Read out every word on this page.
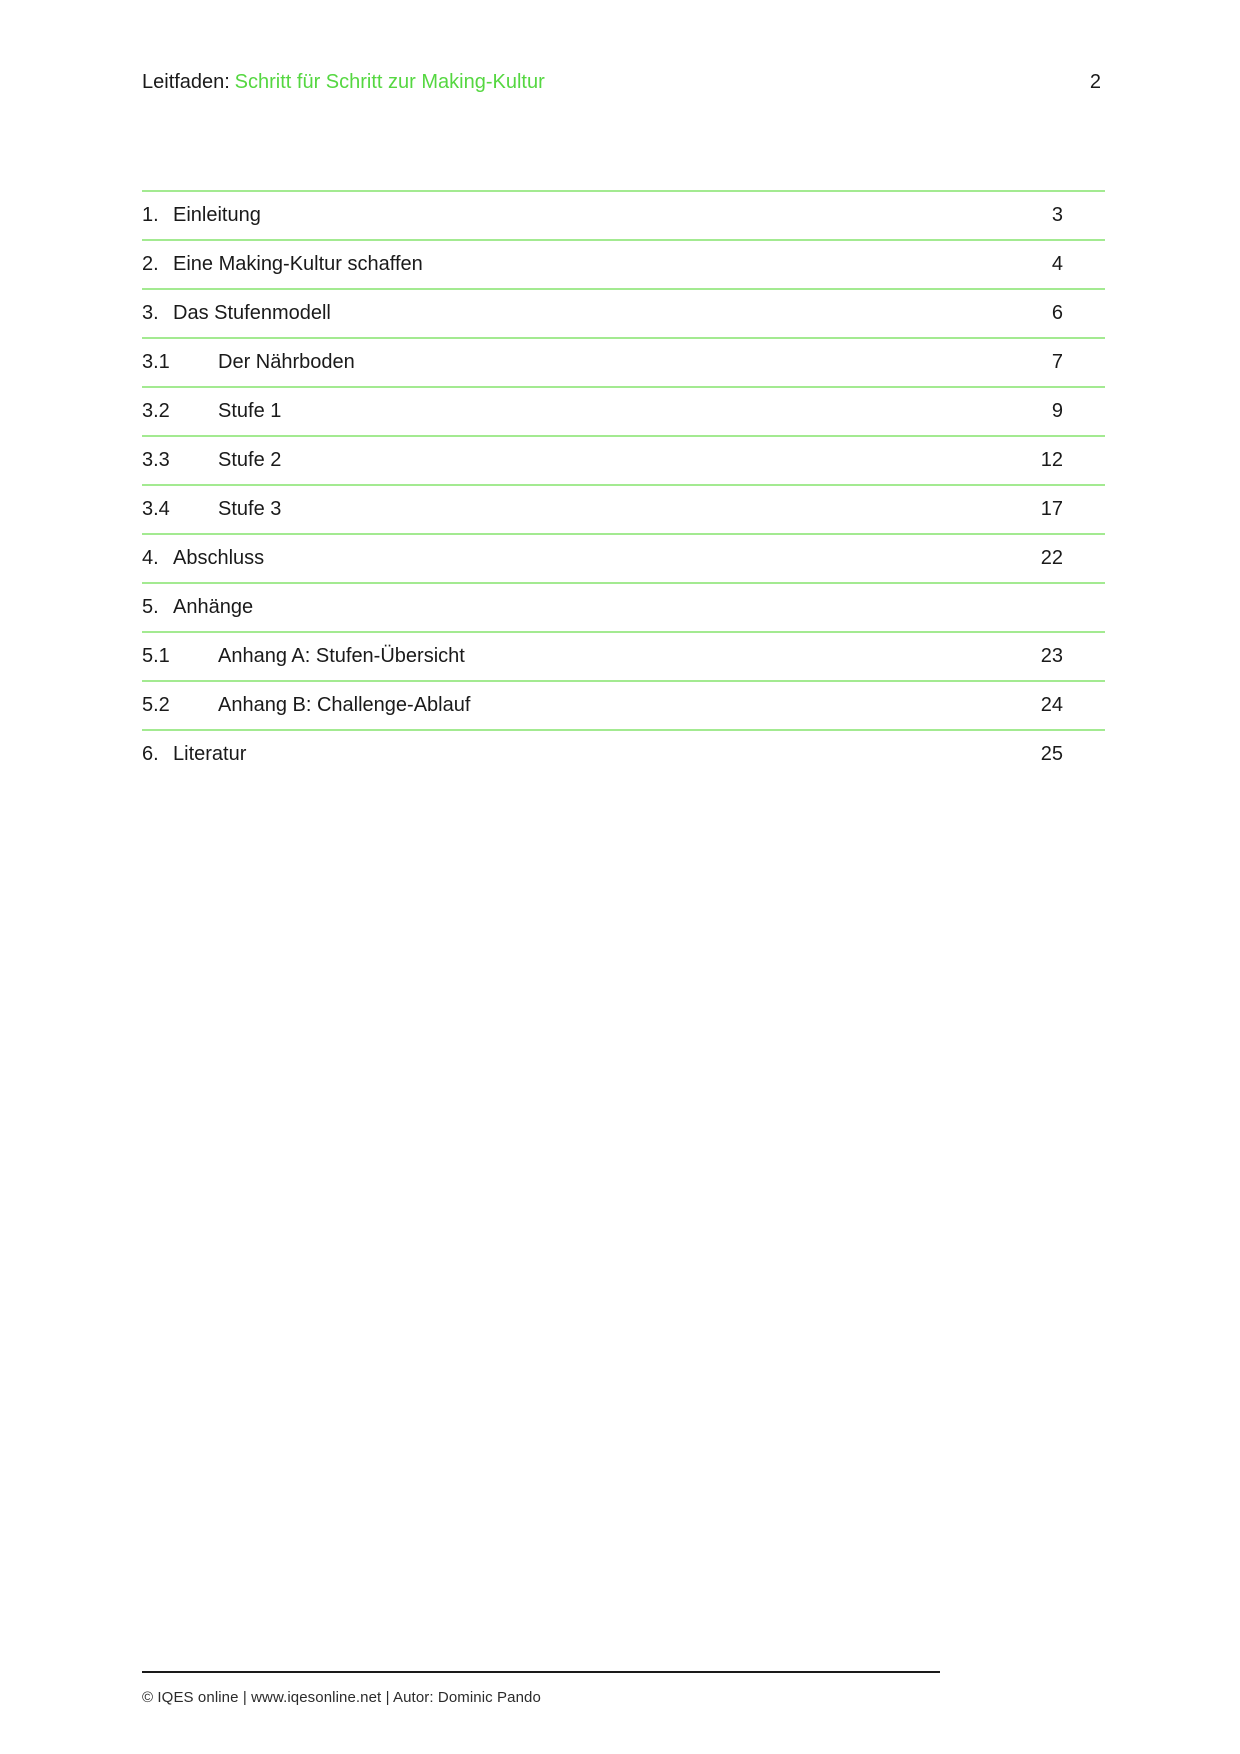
Leitfaden: Schritt für Schritt zur Making-Kultur	2
1. Einleitung	3
2. Eine Making-Kultur schaffen	4
3. Das Stufenmodell	6
3.1	Der Nährboden	7
3.2	Stufe 1	9
3.3	Stufe 2	12
3.4	Stufe 3	17
4. Abschluss	22
5. Anhänge
5.1	Anhang A: Stufen-Übersicht	23
5.2	Anhang B: Challenge-Ablauf	24
6. Literatur	25
© IQES online | www.iqesonline.net | Autor: Dominic Pando
